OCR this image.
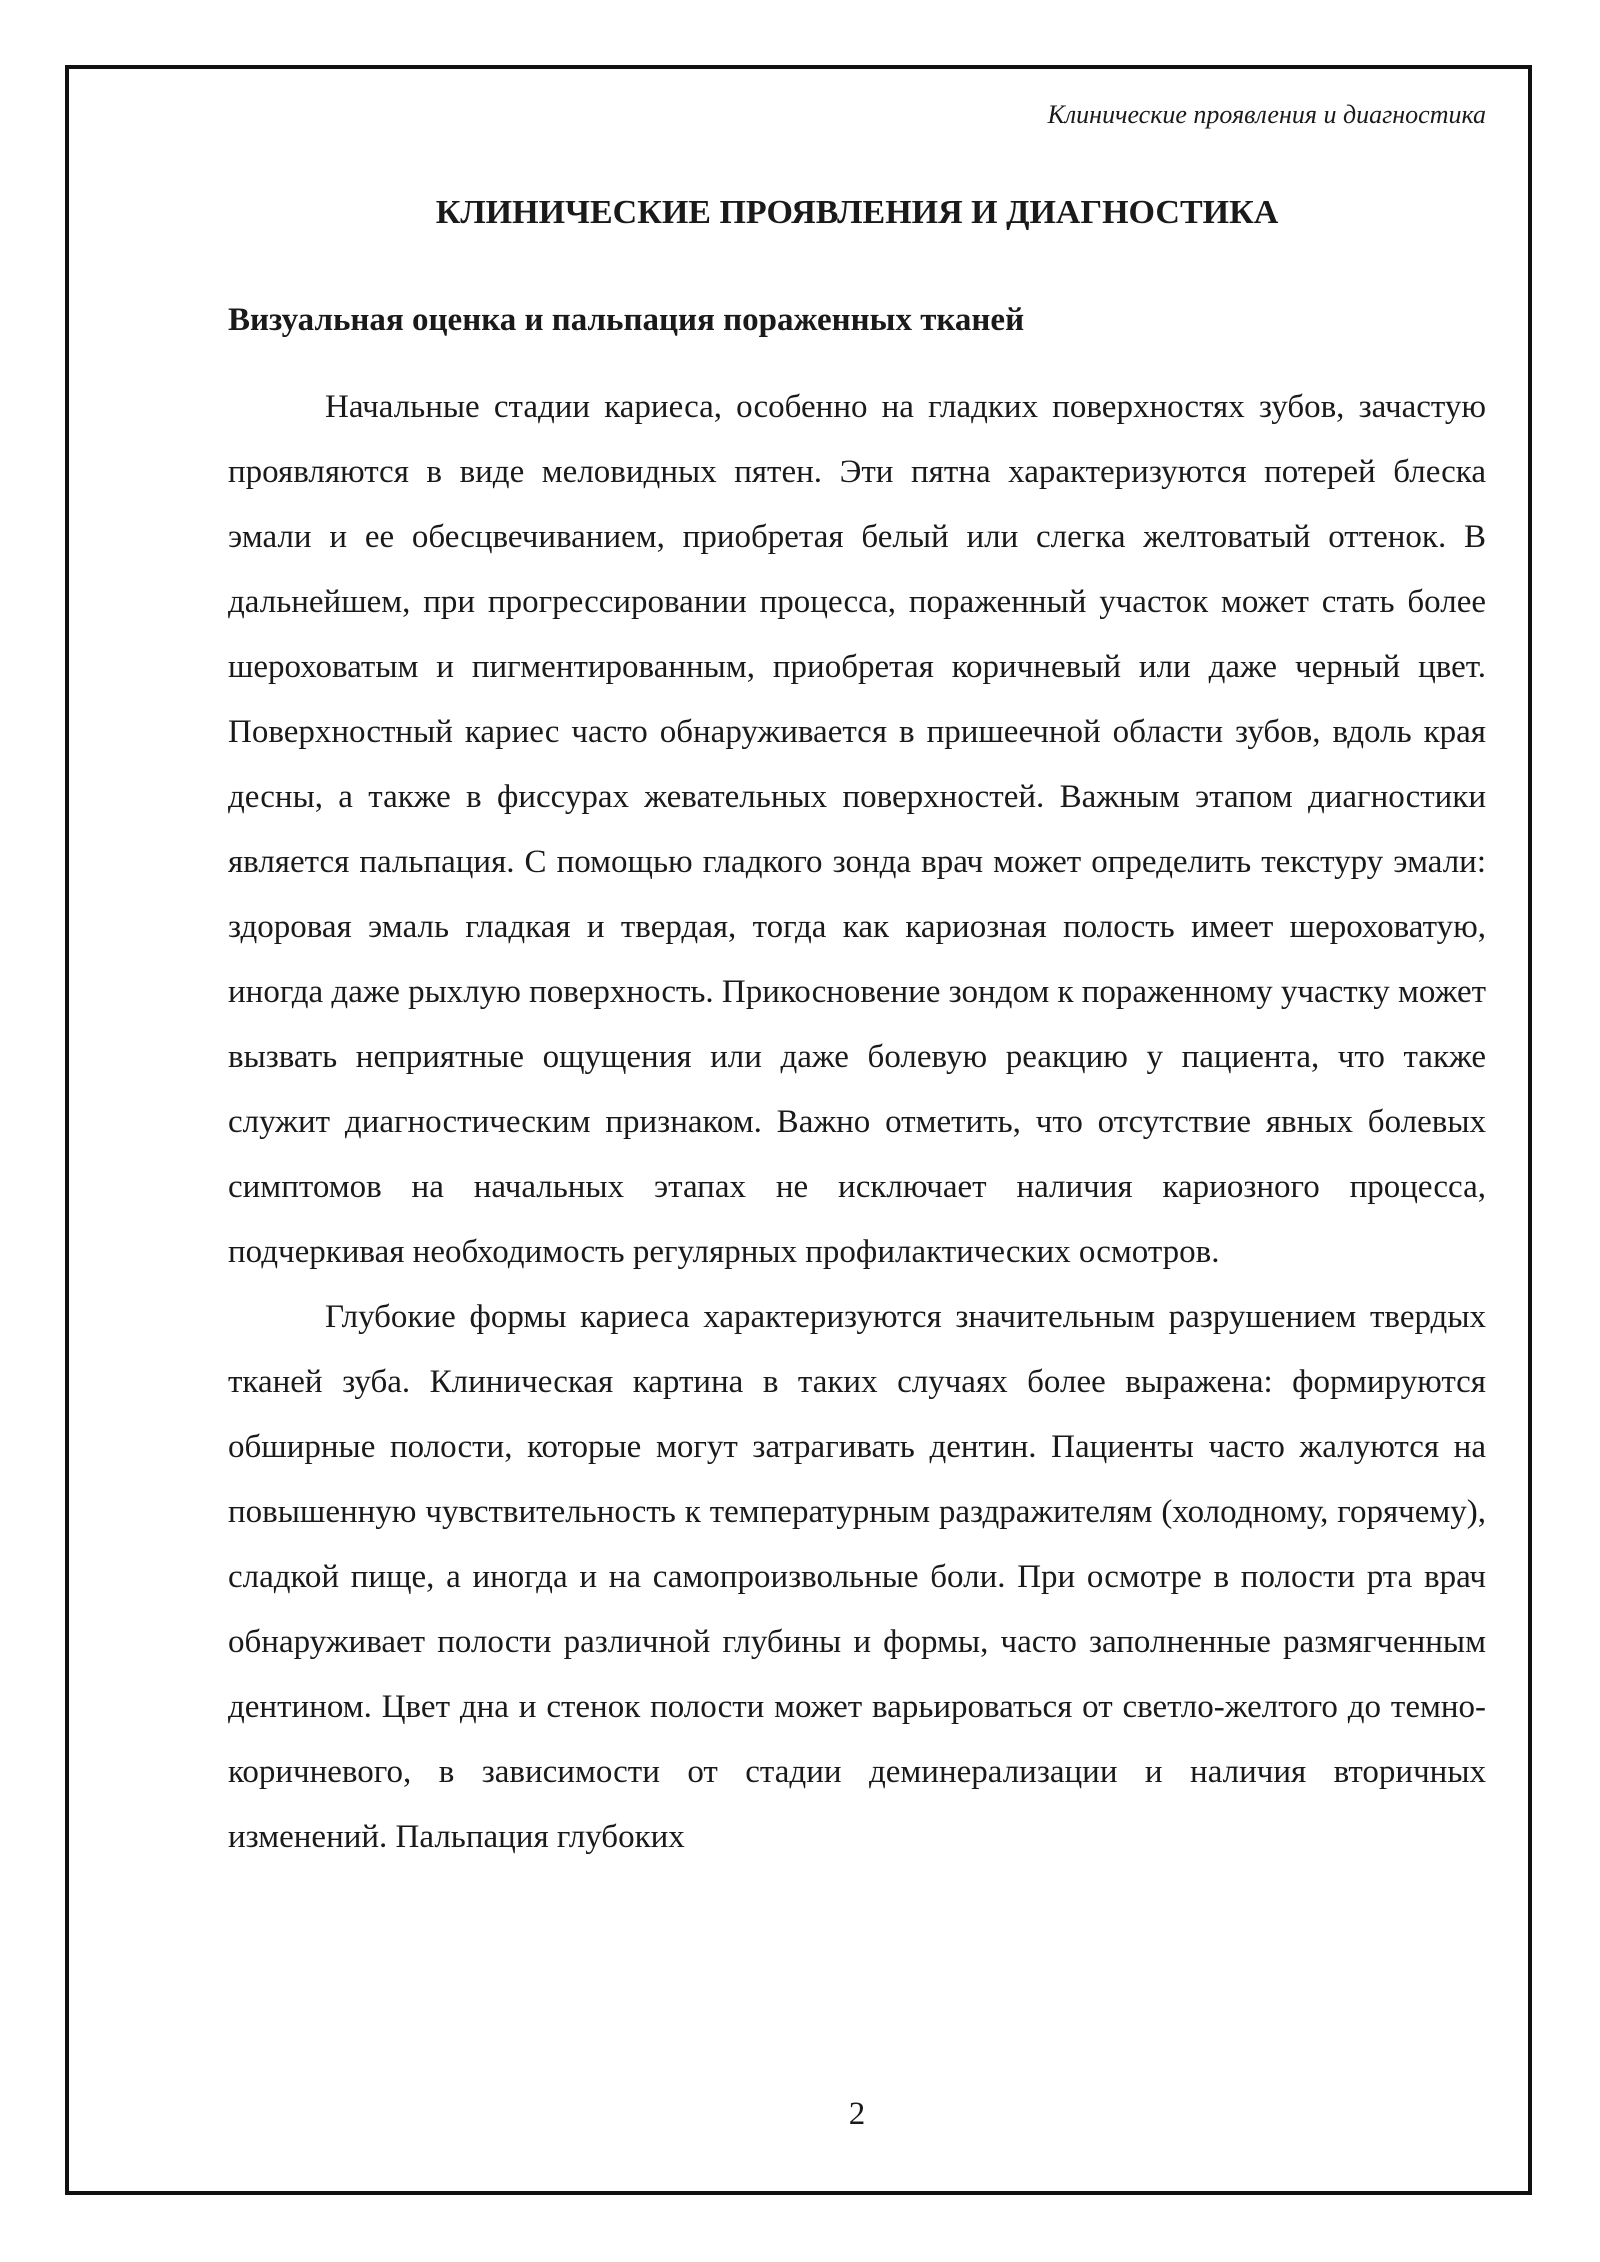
Клинические проявления и диагностика
КЛИНИЧЕСКИЕ ПРОЯВЛЕНИЯ И ДИАГНОСТИКА
Визуальная оценка и пальпация пораженных тканей

Начальные стадии кариеса, особенно на гладких поверхностях зубов, зачастую проявляются в виде меловидных пятен. Эти пятна характеризуются потерей блеска эмали и ее обесцвечиванием, приобретая белый или слегка желтоватый оттенок. В дальнейшем, при прогрессировании процесса, пораженный участок может стать более шероховатым и пигментированным, приобретая коричневый или даже черный цвет. Поверхностный кариес часто обнаруживается в пришеечной области зубов, вдоль края десны, а также в фиссурах жевательных поверхностей. Важным этапом диагностики является пальпация. С помощью гладкого зонда врач может определить текстуру эмали: здоровая эмаль гладкая и твердая, тогда как кариозная полость имеет шероховатую, иногда даже рыхлую поверхность. Прикосновение зондом к пораженному участку может вызвать неприятные ощущения или даже болевую реакцию у пациента, что также служит диагностическим признаком. Важно отметить, что отсутствие явных болевых симптомов на начальных этапах не исключает наличия кариозного процесса, подчеркивая необходимость регулярных профилактических осмотров.

Глубокие формы кариеса характеризуются значительным разрушением твердых тканей зуба. Клиническая картина в таких случаях более выражена: формируются обширные полости, которые могут затрагивать дентин. Пациенты часто жалуются на повышенную чувствительность к температурным раздражителям (холодному, горячему), сладкой пище, а иногда и на самопроизвольные боли. При осмотре в полости рта врач обнаруживает полости различной глубины и формы, часто заполненные размягченным дентином. Цвет дна и стенок полости может варьироваться от светло-желтого до темно-коричневого, в зависимости от стадии деминерализации и наличия вторичных изменений. Пальпация глубоких

2
